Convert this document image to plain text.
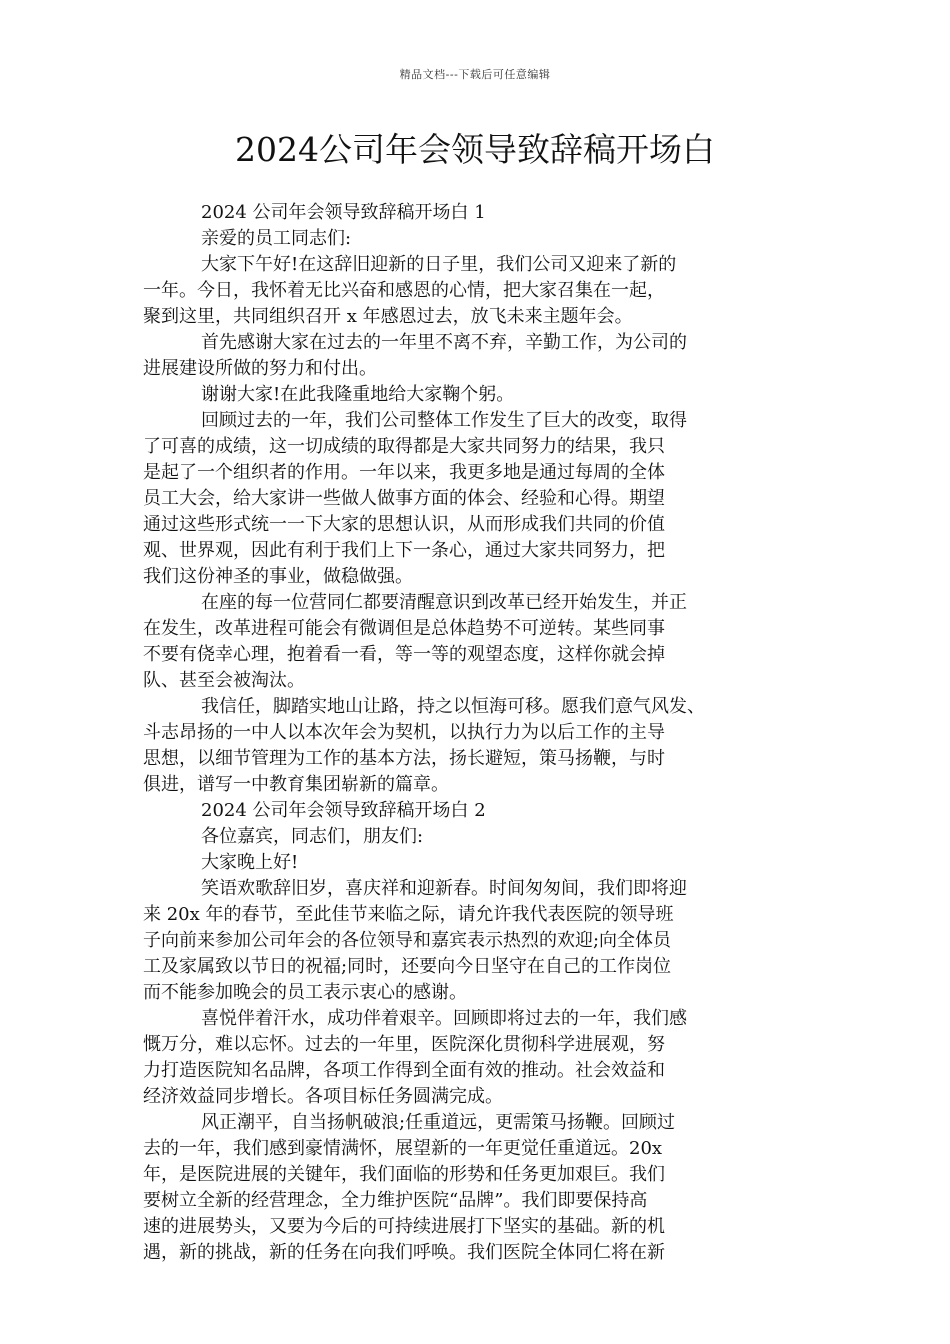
精品文档---下载后可任意编辑
2024公司年会领导致辞稿开场白
2024 公司年会领导致辞稿开场白 1
亲爱的员工同志们:
大家下午好!在这辞旧迎新的日子里，我们公司又迎来了新的
一年。今日，我怀着无比兴奋和感恩的心情，把大家召集在一起，
聚到这里，共同组织召开 x 年感恩过去，放飞未来主题年会。
首先感谢大家在过去的一年里不离不弃，辛勤工作，为公司的
进展建设所做的努力和付出。
谢谢大家!在此我隆重地给大家鞠个躬。
回顾过去的一年，我们公司整体工作发生了巨大的改变，取得
了可喜的成绩，这一切成绩的取得都是大家共同努力的结果，我只
是起了一个组织者的作用。一年以来，我更多地是通过每周的全体
员工大会，给大家讲一些做人做事方面的体会、经验和心得。期望
通过这些形式统一一下大家的思想认识，从而形成我们共同的价值
观、世界观，因此有利于我们上下一条心，通过大家共同努力，把
我们这份神圣的事业，做稳做强。
在座的每一位营同仁都要清醒意识到改革已经开始发生，并正
在发生，改革进程可能会有微调但是总体趋势不可逆转。某些同事
不要有侥幸心理，抱着看一看，等一等的观望态度，这样你就会掉
队、甚至会被淘汰。
我信任，脚踏实地山让路，持之以恒海可移。愿我们意气风发、
斗志昂扬的一中人以本次年会为契机，以执行力为以后工作的主导
思想，以细节管理为工作的基本方法，扬长避短，策马扬鞭，与时
俱进，谱写一中教育集团崭新的篇章。
2024 公司年会领导致辞稿开场白 2
各位嘉宾，同志们，朋友们:
大家晚上好!
笑语欢歌辞旧岁，喜庆祥和迎新春。时间匆匆间，我们即将迎
来 20x 年的春节，至此佳节来临之际，请允许我代表医院的领导班
子向前来参加公司年会的各位领导和嘉宾表示热烈的欢迎;向全体员
工及家属致以节日的祝福;同时，还要向今日坚守在自己的工作岗位
而不能参加晚会的员工表示衷心的感谢。
喜悦伴着汗水，成功伴着艰辛。回顾即将过去的一年，我们感
慨万分，难以忘怀。过去的一年里，医院深化贯彻科学进展观，努
力打造医院知名品牌，各项工作得到全面有效的推动。社会效益和
经济效益同步增长。各项目标任务圆满完成。
风正潮平，自当扬帆破浪;任重道远，更需策马扬鞭。回顾过
去的一年，我们感到豪情满怀，展望新的一年更觉任重道远。20x
年，是医院进展的关键年，我们面临的形势和任务更加艰巨。我们
要树立全新的经营理念，全力维护医院“品牌”。我们即要保持高
速的进展势头，又要为今后的可持续进展打下坚实的基础。新的机
遇，新的挑战，新的任务在向我们呼唤。我们医院全体同仁将在新
